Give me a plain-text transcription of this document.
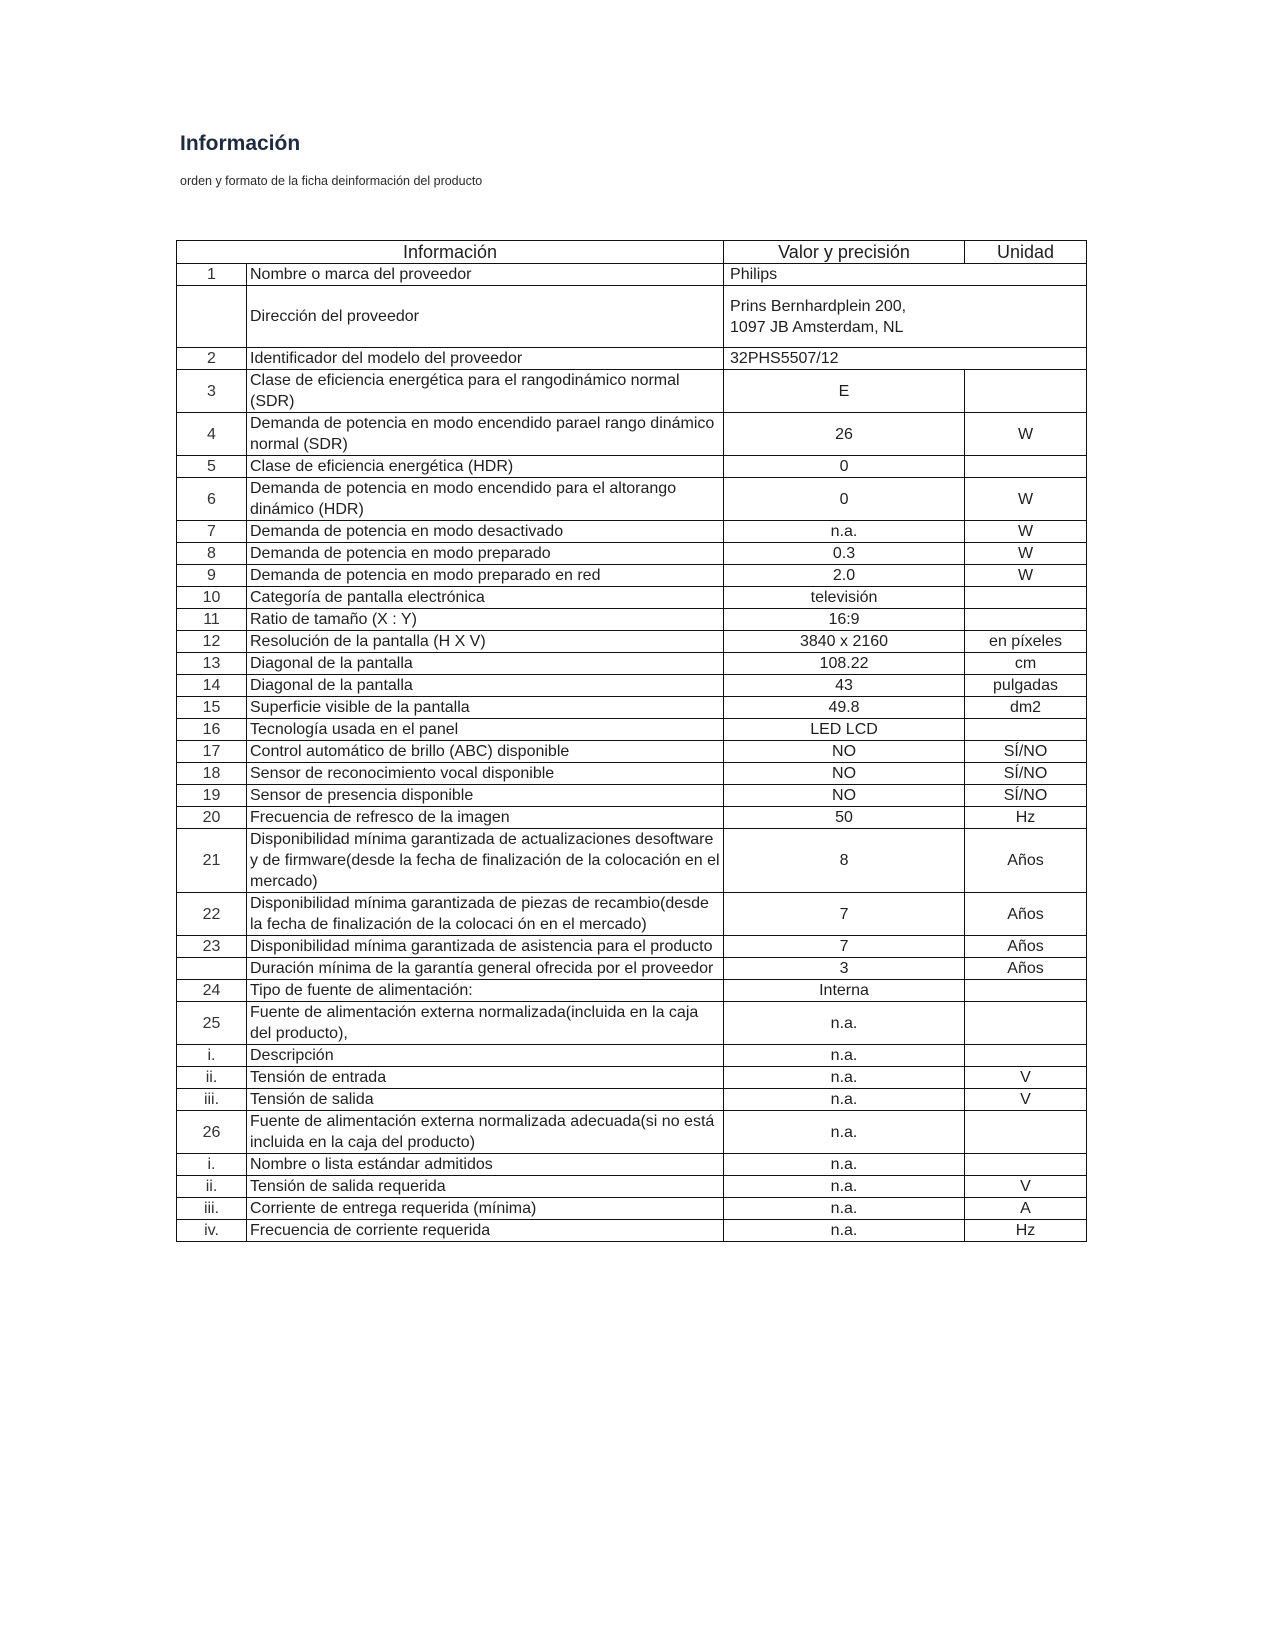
Información
orden y formato de la ficha deinformación del producto
Información		Valor y precisión	Unidad
1	Nombre o marca del proveedor	Philips	
	Dirección del proveedor	Prins Bernhardplein 200,
1097 JB Amsterdam, NL	
2	Identificador del modelo del proveedor	32PHS5507/12	
3	Clase de eficiencia energética para el rangodinámico normal (SDR)	E	
4	Demanda de potencia en modo encendido parael rango dinámico normal (SDR)	26	W
5	Clase de eficiencia energética (HDR)	0	
6	Demanda de potencia en modo encendido para el altorango dinámico (HDR)	0	W
7	Demanda de potencia en modo desactivado	n.a.	W
8	Demanda de potencia en modo preparado	0.3	W
9	Demanda de potencia en modo preparado en red	2.0	W
10	Categoría de pantalla electrónica	televisión	
11	Ratio de tamaño (X : Y)	16:9	
12	Resolución de la pantalla (H X V)	3840 x 2160	en píxeles
13	Diagonal de la pantalla	108.22	cm
14	Diagonal de la pantalla	43	pulgadas
15	Superficie visible de la pantalla	49.8	dm2
16	Tecnología usada en el panel	LED LCD	
17	Control automático de brillo (ABC) disponible	NO	SÍ/NO
18	Sensor de reconocimiento vocal disponible	NO	SÍ/NO
19	Sensor de presencia disponible	NO	SÍ/NO
20	Frecuencia de refresco de la imagen	50	Hz
21	Disponibilidad mínima garantizada de actualizaciones desoftware y de firmware(desde la fecha de finalización de la colocación en el mercado)	8	Años
22	Disponibilidad mínima garantizada de piezas de recambio(desde la fecha de finalización de la colocaci ón en el mercado)	7	Años
23	Disponibilidad mínima garantizada de asistencia para el producto	7	Años
	Duración mínima de la garantía general ofrecida por el proveedor	3	Años
24	Tipo de fuente de alimentación:	Interna	
25	Fuente de alimentación externa normalizada(incluida en la caja del producto),	n.a.	
i.	Descripción	n.a.	
ii.	Tensión de entrada	n.a.	V
iii.	Tensión de salida	n.a.	V
26	Fuente de alimentación externa normalizada adecuada(si no está incluida en la caja del producto)	n.a.	
i.	Nombre o lista estándar admitidos	n.a.	
ii.	Tensión de salida requerida	n.a.	V
iii.	Corriente de entrega requerida (mínima)	n.a.	A
iv.	Frecuencia de corriente requerida	n.a.	Hz
